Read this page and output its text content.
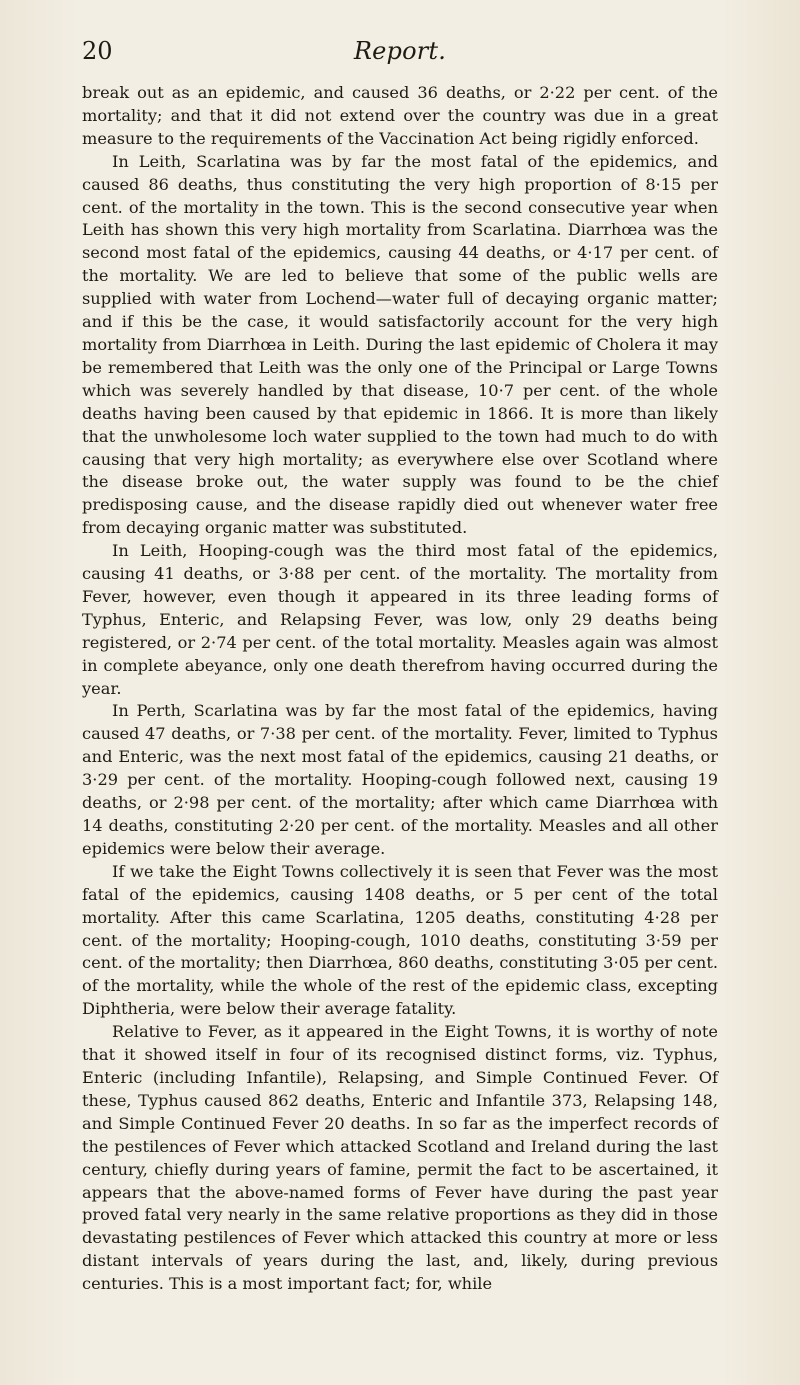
20	Report.

break out as an epidemic, and caused 36 deaths, or 2·22 per cent. of the mortality; and that it did not extend over the country was due in a great measure to the requirements of the Vaccination Act being rigidly enforced.

In Leith, Scarlatina was by far the most fatal of the epidemics, and caused 86 deaths, thus constituting the very high proportion of 8·15 per cent. of the mortality in the town. This is the second consecutive year when Leith has shown this very high mortality from Scarlatina. Diarrhœa was the second most fatal of the epidemics, causing 44 deaths, or 4·17 per cent. of the mortality. We are led to believe that some of the public wells are supplied with water from Lochend—water full of decaying organic matter; and if this be the case, it would satisfactorily account for the very high mortality from Diarrhœa in Leith. During the last epidemic of Cholera it may be remembered that Leith was the only one of the Principal or Large Towns which was severely handled by that disease, 10·7 per cent. of the whole deaths having been caused by that epidemic in 1866. It is more than likely that the unwholesome loch water supplied to the town had much to do with causing that very high mortality; as everywhere else over Scotland where the disease broke out, the water supply was found to be the chief predisposing cause, and the disease rapidly died out whenever water free from decaying organic matter was substituted.

In Leith, Hooping-cough was the third most fatal of the epidemics, causing 41 deaths, or 3·88 per cent. of the mortality. The mortality from Fever, however, even though it appeared in its three leading forms of Typhus, Enteric, and Relapsing Fever, was low, only 29 deaths being registered, or 2·74 per cent. of the total mortality. Measles again was almost in complete abeyance, only one death therefrom having occurred during the year.

In Perth, Scarlatina was by far the most fatal of the epidemics, having caused 47 deaths, or 7·38 per cent. of the mortality. Fever, limited to Typhus and Enteric, was the next most fatal of the epidemics, causing 21 deaths, or 3·29 per cent. of the mortality. Hooping-cough followed next, causing 19 deaths, or 2·98 per cent. of the mortality; after which came Diarrhœa with 14 deaths, constituting 2·20 per cent. of the mortality. Measles and all other epidemics were below their average.

If we take the Eight Towns collectively it is seen that Fever was the most fatal of the epidemics, causing 1408 deaths, or 5 per cent of the total mortality. After this came Scarlatina, 1205 deaths, constituting 4·28 per cent. of the mortality; Hooping-cough, 1010 deaths, constituting 3·59 per cent. of the mortality; then Diarrhœa, 860 deaths, constituting 3·05 per cent. of the mortality, while the whole of the rest of the epidemic class, excepting Diphtheria, were below their average fatality.

Relative to Fever, as it appeared in the Eight Towns, it is worthy of note that it showed itself in four of its recognised distinct forms, viz. Typhus, Enteric (including Infantile), Relapsing, and Simple Continued Fever. Of these, Typhus caused 862 deaths, Enteric and Infantile 373, Relapsing 148, and Simple Continued Fever 20 deaths. In so far as the imperfect records of the pestilences of Fever which attacked Scotland and Ireland during the last century, chiefly during years of famine, permit the fact to be ascertained, it appears that the above-named forms of Fever have during the past year proved fatal very nearly in the same relative proportions as they did in those devastating pestilences of Fever which attacked this country at more or less distant intervals of years during the last, and, likely, during previous centuries. This is a most important fact; for, while
